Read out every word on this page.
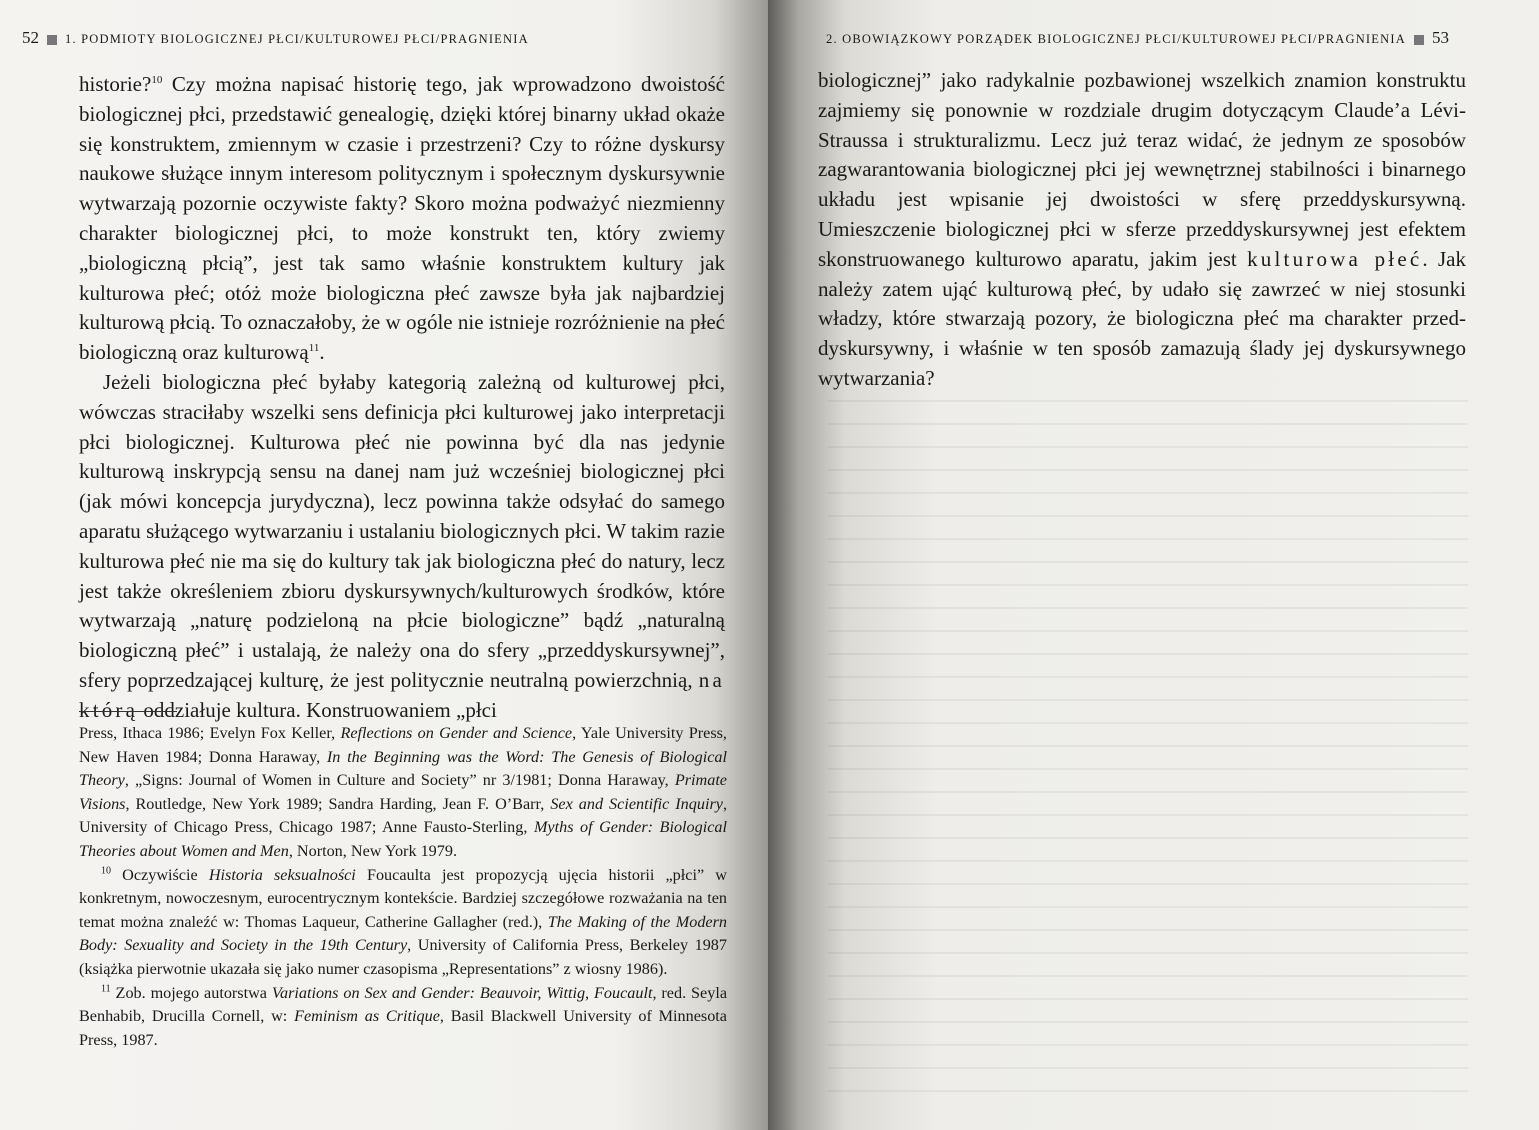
52 1. PODMIOTY BIOLOGICZNEJ PŁCI/KULTUROWEJ PŁCI/PRAGNIENIA

historie?$^{10}$ Czy można napisać historię tego, jak wprowadzono dwoistość biologicznej płci, przedstawić genealogię, dzięki której binarny układ okaże się konstruktem, zmiennym w czasie i przestrzeni? Czy to różne dyskursy naukowe służące innym interesom politycznym i społecznym dyskursywnie wytwarzają pozornie oczywiste fakty? Skoro można podważyć niezmienny charakter biologicznej płci, to może konstrukt ten, który zwiemy „biologiczną płcią”, jest tak samo właśnie konstruktem kultury jak kulturowa płeć; otóż może biologiczna płeć zawsze była jak najbardziej kulturową płcią. To oznaczałoby, że w ogóle nie istnieje rozróżnienie na płeć biologiczną oraz kulturową$^{11}$.

Jeżeli biologiczna płeć byłaby kategorią zależną od kulturowej płci, wówczas straciłaby wszelki sens definicja płci kulturowej jako interpretacji płci biologicznej. Kulturowa płeć nie powinna być dla nas jedynie kulturową inskrypcją sensu na danej nam już wcześniej biologicznej płci (jak mówi koncepcja jurydyczna), lecz powinna także odsyłać do samego aparatu służącego wytwarzaniu i ustalaniu biologicznych płci. W takim razie kulturowa płeć nie ma się do kultury tak jak biologiczna płeć do natury, lecz jest także określeniem zbioru dyskursywnych/kulturowych środków, które wytwarzają „naturę podzieloną na płcie biologiczne” bądź „naturalną biologiczną płeć” i ustalają, że należy ona do sfery „przeddyskursywnej”, sfery poprzedzającej kulturę, że jest politycznie neutralną powierzchnią, na którą oddziałuje kultura. Konstruowaniem „płci

Press, Ithaca 1986; Evelyn Fox Keller, Reflections on Gender and Science, Yale University Press, New Haven 1984; Donna Haraway, In the Beginning was the Word: The Genesis of Biological Theory, „Signs: Journal of Women in Culture and Society” nr 3/1981; Donna Haraway, Primate Visions, Routledge, New York 1989; Sandra Harding, Jean F. O’Barr, Sex and Scientific Inquiry, University of Chicago Press, Chicago 1987; Anne Fausto-Sterling, Myths of Gender: Biological Theories about Women and Men, Norton, New York 1979.

$^{10}$ Oczywiście Historia seksualności Foucaulta jest propozycją ujęcia historii „płci” w konkretnym, nowoczesnym, eurocentrycznym kontekście. Bardziej szczegółowe rozważania na ten temat można znaleźć w: Thomas Laqueur, Catherine Gallagher (red.), The Making of the Modern Body: Sexuality and Society in the 19th Century, University of California Press, Berkeley 1987 (książka pierwotnie ukazała się jako numer czasopisma „Representations” z wiosny 1986).

$^{11}$ Zob. mojego autorstwa Variations on Sex and Gender: Beauvoir, Wittig, Foucault, red. Seyla Benhabib, Drucilla Cornell, w: Feminism as Critique, Basil Blackwell University of Minnesota Press, 1987.

2. OBOWIĄZKOWY PORZĄDEK BIOLOGICZNEJ PŁCI/KULTUROWEJ PŁCI/PRAGNIENIA 53

biologicznej” jako radykalnie pozbawionej wszelkich znamion konstruktu zajmiemy się ponownie w rozdziale drugim dotyczącym Claude’a Lévi-Straussa i strukturalizmu. Lecz już teraz widać, że jednym ze sposobów zagwarantowania biologicznej płci jej wewnętrznej stabilności i binarnego układu jest wpisanie jej dwoistości w sferę przeddyskursywną. Umieszczenie biologicznej płci w sferze przeddyskursywnej jest efektem skonstruowanego kulturowo aparatu, jakim jest kulturowa płeć. Jak należy zatem ująć kulturową płeć, by udało się zawrzeć w niej stosunki władzy, które stwarzają pozory, że biologiczna płeć ma charakter przeddyskursywny, i właśnie w ten sposób zamazują ślady jej dyskursywnego wytwarzania?
